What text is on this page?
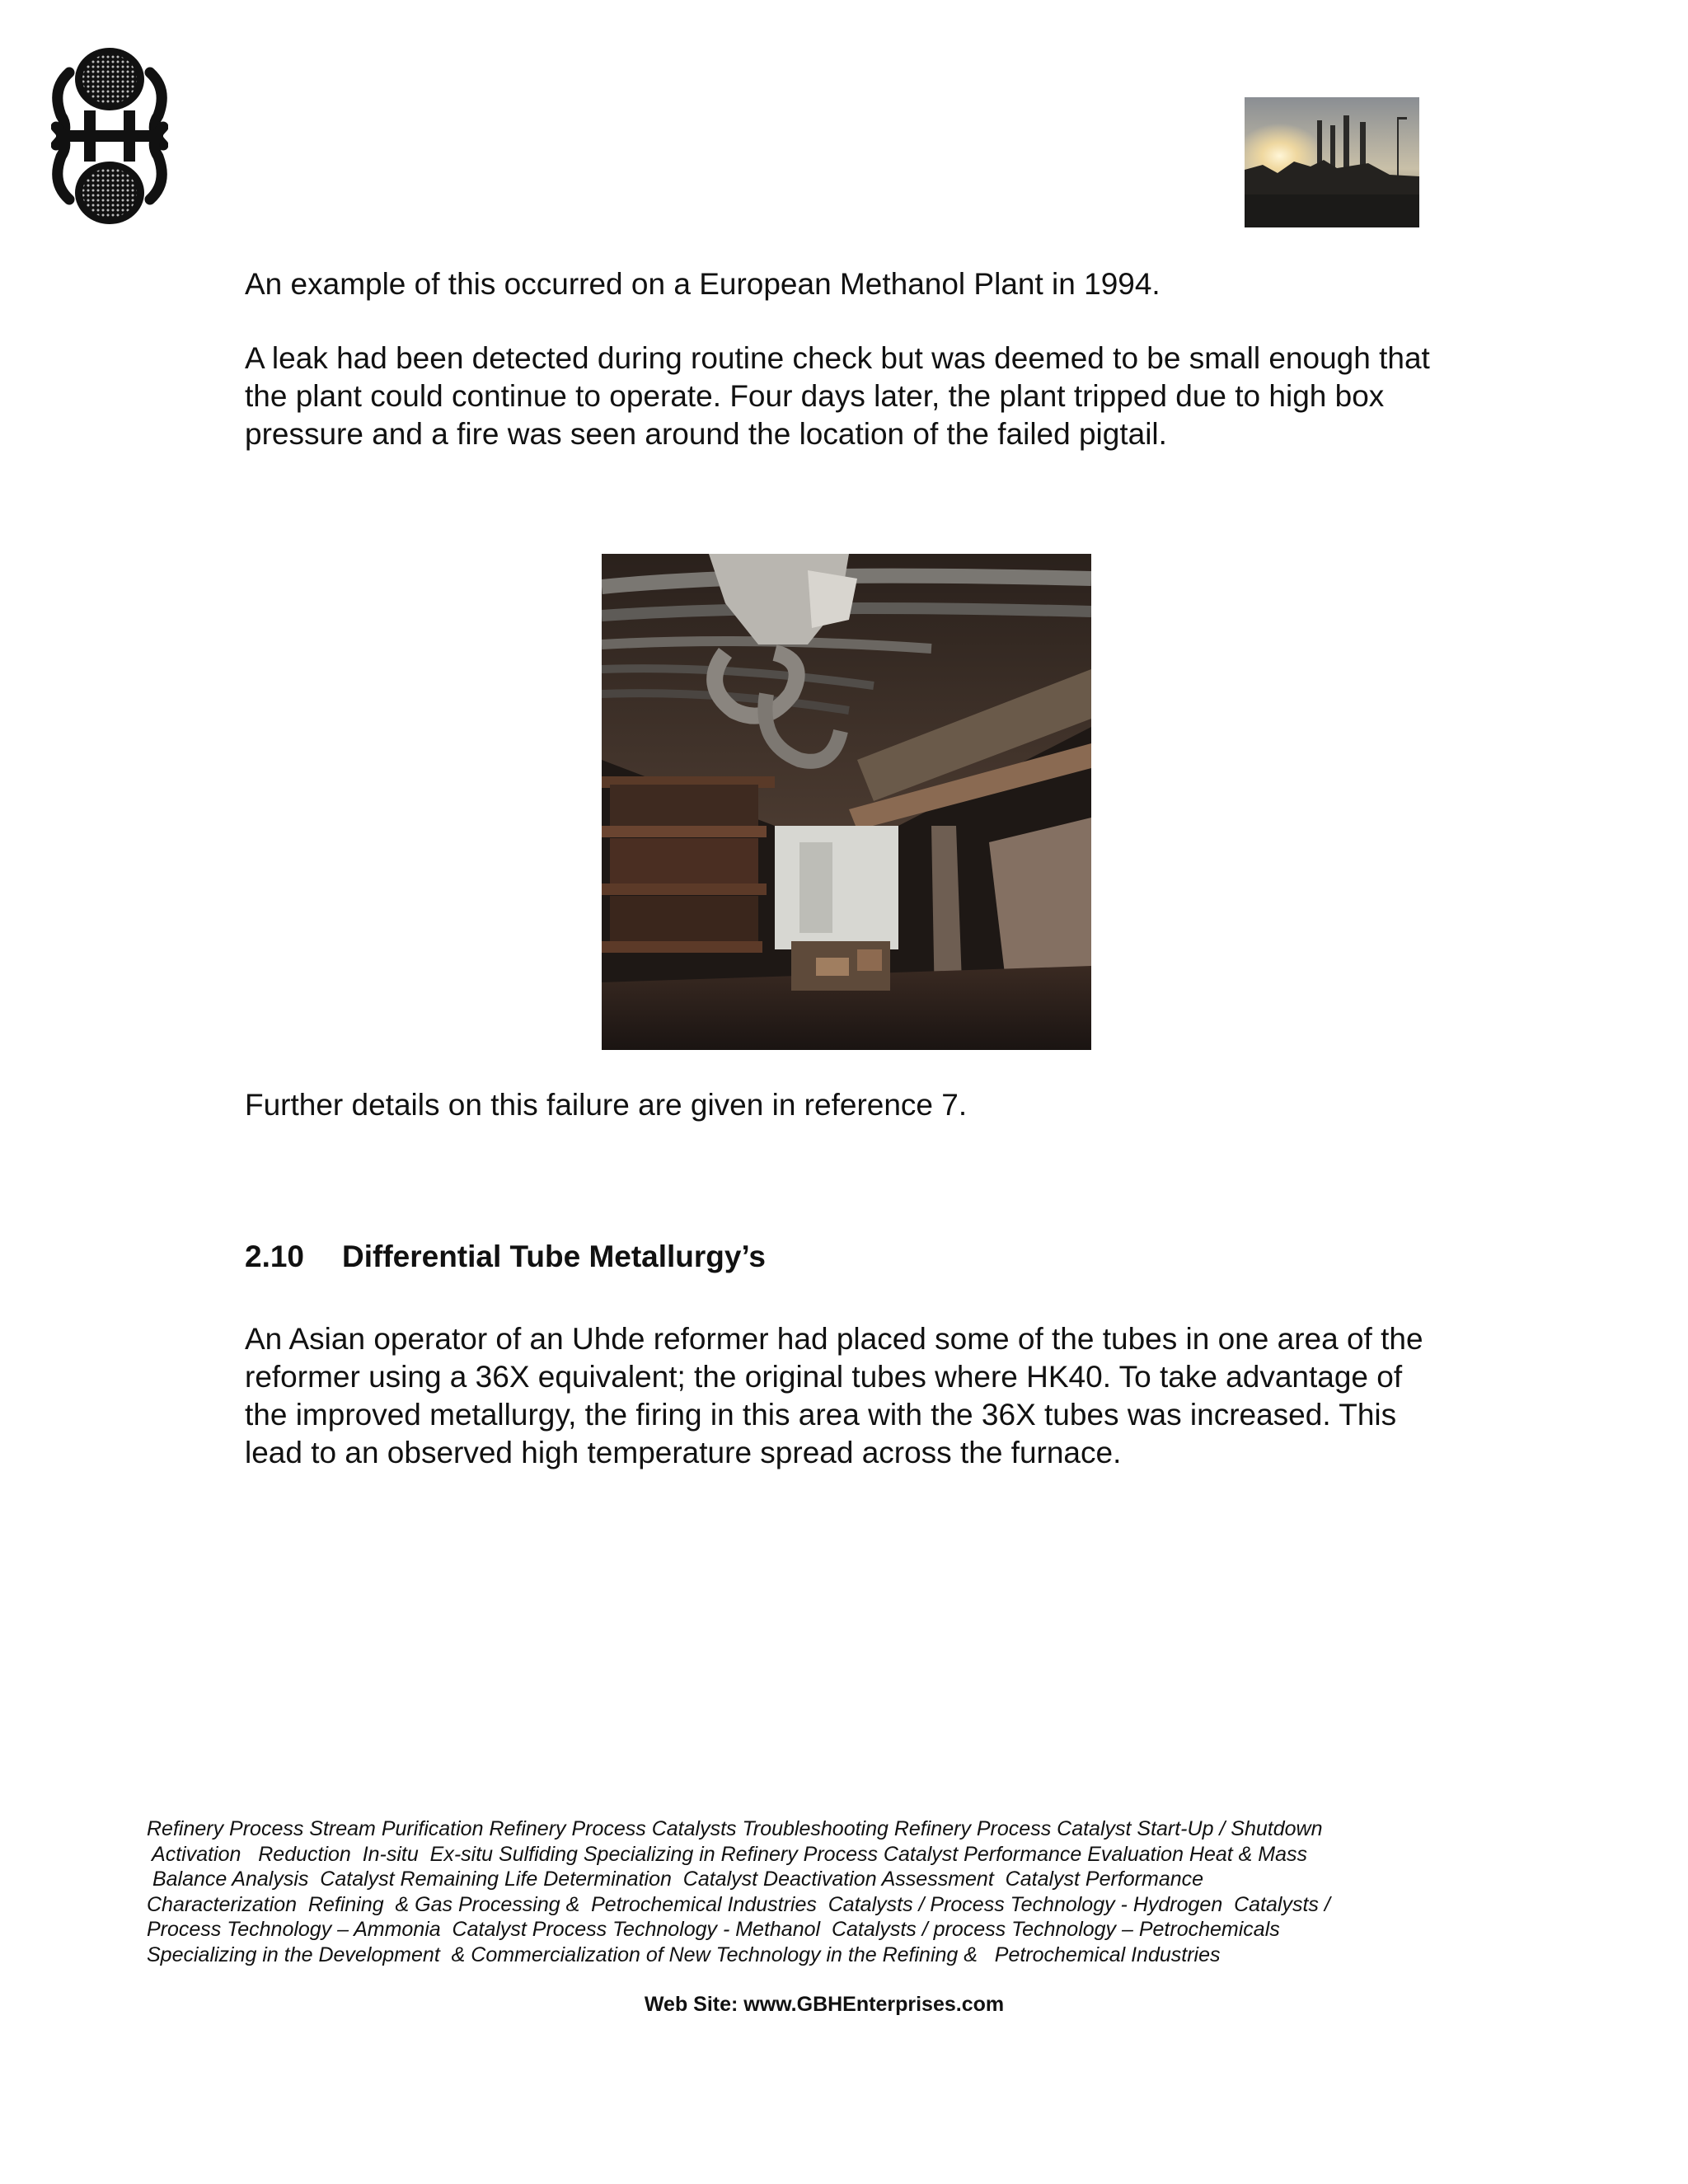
An example of this occurred on a European Methanol Plant in 1994.

A leak had been detected during routine check but was deemed to be small enough that the plant could continue to operate. Four days later, the plant tripped due to high box pressure and a fire was seen around the location of the failed pigtail.

Further details on this failure are given in reference 7.

2.10 Differential Tube Metallurgy’s

An Asian operator of an Uhde reformer had placed some of the tubes in one area of the reformer using a 36X equivalent; the original tubes where HK40. To take advantage of the improved metallurgy, the firing in this area with the 36X tubes was increased. This lead to an observed high temperature spread across the furnace.

Refinery Process Stream Purification Refinery Process Catalysts Troubleshooting Refinery Process Catalyst Start-Up / Shutdown
Activation   Reduction  In-situ  Ex-situ Sulfiding Specializing in Refinery Process Catalyst Performance Evaluation Heat & Mass
Balance Analysis  Catalyst Remaining Life Determination  Catalyst Deactivation Assessment  Catalyst Performance
Characterization  Refining  & Gas Processing &  Petrochemical Industries  Catalysts / Process Technology - Hydrogen  Catalysts /
Process Technology – Ammonia  Catalyst Process Technology - Methanol  Catalysts / process Technology – Petrochemicals
Specializing in the Development  & Commercialization of New Technology in the Refining &   Petrochemical Industries

Web Site: www.GBHEnterprises.com
